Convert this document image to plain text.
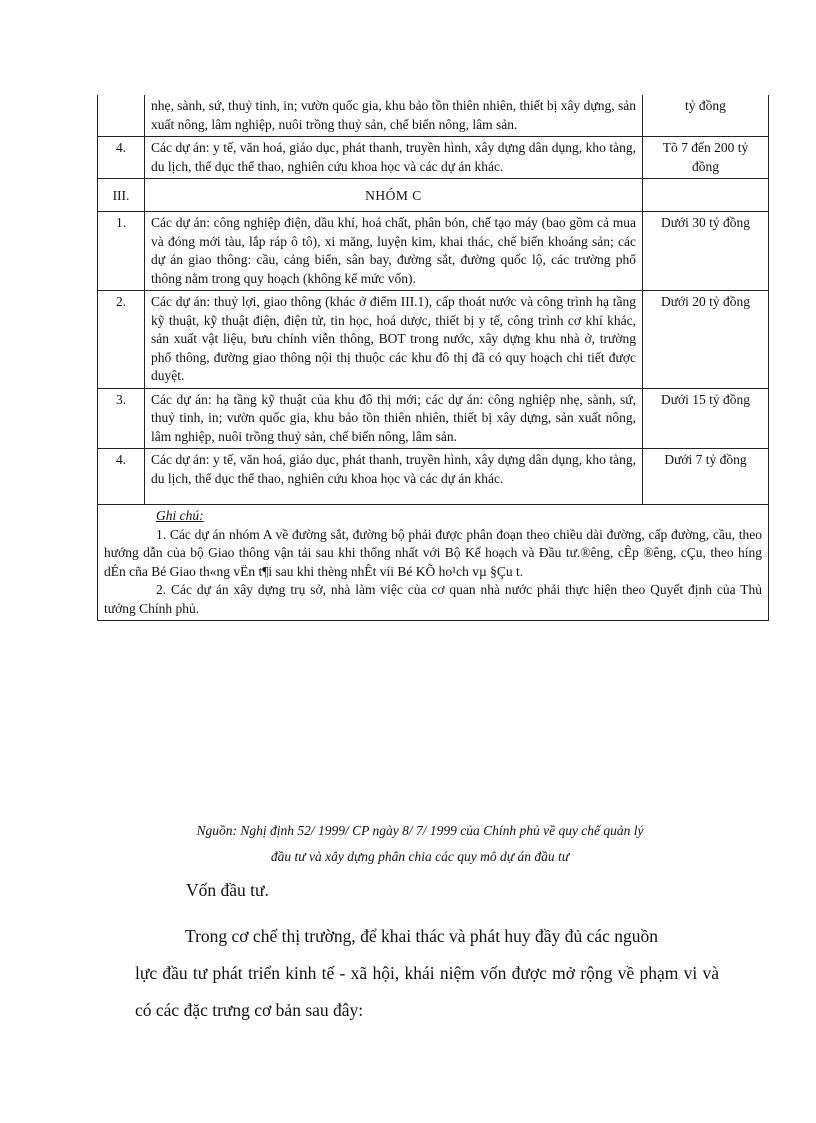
	nhẹ, sành, sứ, thuỷ tinh, in; vườn quốc gia, khu bảo tồn thiên nhiên, thiết bị xây dựng, sản xuất nông, lâm nghiệp, nuôi trồng thuỷ sản, chế biến nông, lâm sản.	tỷ đồng
4.	Các dự án: y tế, văn hoá, giáo dục, phát thanh, truyền hình, xây dựng dân dụng, kho tàng, du lịch, thể dục thể thao, nghiên cứu khoa học và các dự án khác.	Tõ 7 đến 200 tỷ đồng
III.	NHÓM C	
1.	Các dự án: công nghiệp điện, dầu khí, hoá chất, phân bón, chế tạo máy (bao gồm cả mua và đóng mới tàu, lắp ráp ô tô), xi măng, luyện kim, khai thác, chế biến khoáng sản; các dự án giao thông: cầu, cảng biển, sân bay, đường sắt, đường quốc lộ, các trường phổ thông nằm trong quy hoạch (không kể mức vốn).	Dưới 30 tỷ đồng
2.	Các dự án: thuỷ lợi, giao thông (khác ở điểm III.1), cấp thoát nước và công trình hạ tầng kỹ thuật, kỹ thuật điện, điện tử, tin học, hoá dược, thiết bị y tế, công trình cơ khí khác, sản xuất vật liệu, bưu chính viễn thông, BOT trong nước, xây dựng khu nhà ở, trường phổ thông, đường giao thông nội thị thuộc các khu đô thị đã có quy hoạch chi tiết được duyệt.	Dưới 20 tỷ đồng
3.	Các dự án: hạ tầng kỹ thuật của khu đô thị mới; các dự án: công nghiệp nhẹ, sành, sứ, thuỷ tinh, in; vườn quốc gia, khu bảo tồn thiên nhiên, thiết bị xây dựng, sản xuất nông, lâm nghiệp, nuôi trồng thuỷ sản, chế biến nông, lâm sản.	Dưới 15 tỷ đồng
4.	Các dự án: y tế, văn hoá, giáo dục, phát thanh, truyền hình, xây dựng dân dụng, kho tàng, du lịch, thể dục thể thao, nghiên cứu khoa học và các dự án khác.	Dưới 7 tỷ đồng

Ghi chú:

1. Các dự án nhóm A về đường sắt, đường bộ phải được phân đoạn theo chiều dài đường, cấp đường, cầu, theo hướng dẫn của bộ Giao thông vận tải sau khi thống nhất với Bộ Kế hoạch và Đầu tư.®êng, cÊp ®êng, cÇu, theo híng dÉn cña Bé Giao th«ng vËn t¶i sau khi thèng nhÊt víi Bé KÕ ho¹ch vµ §Çu t.

2. Các dự án xây dựng trụ sở, nhà làm việc của cơ quan nhà nước phải thực hiện theo Quyết định của Thủ tướng Chính phủ.		

Nguồn: Nghị định 52/ 1999/ CP ngày 8/ 7/ 1999 của Chính phủ về quy chế quản lý
đầu tư và xây dựng phân chia các quy mô dự án đầu tư
Vốn đầu tư.
Trong cơ chế thị trường, để khai thác và phát huy đầy đủ các nguồn
lực đầu tư phát triển kinh tế - xã hội, khái niệm vốn được mở rộng về phạm vi và có các đặc trưng cơ bản sau đây:
